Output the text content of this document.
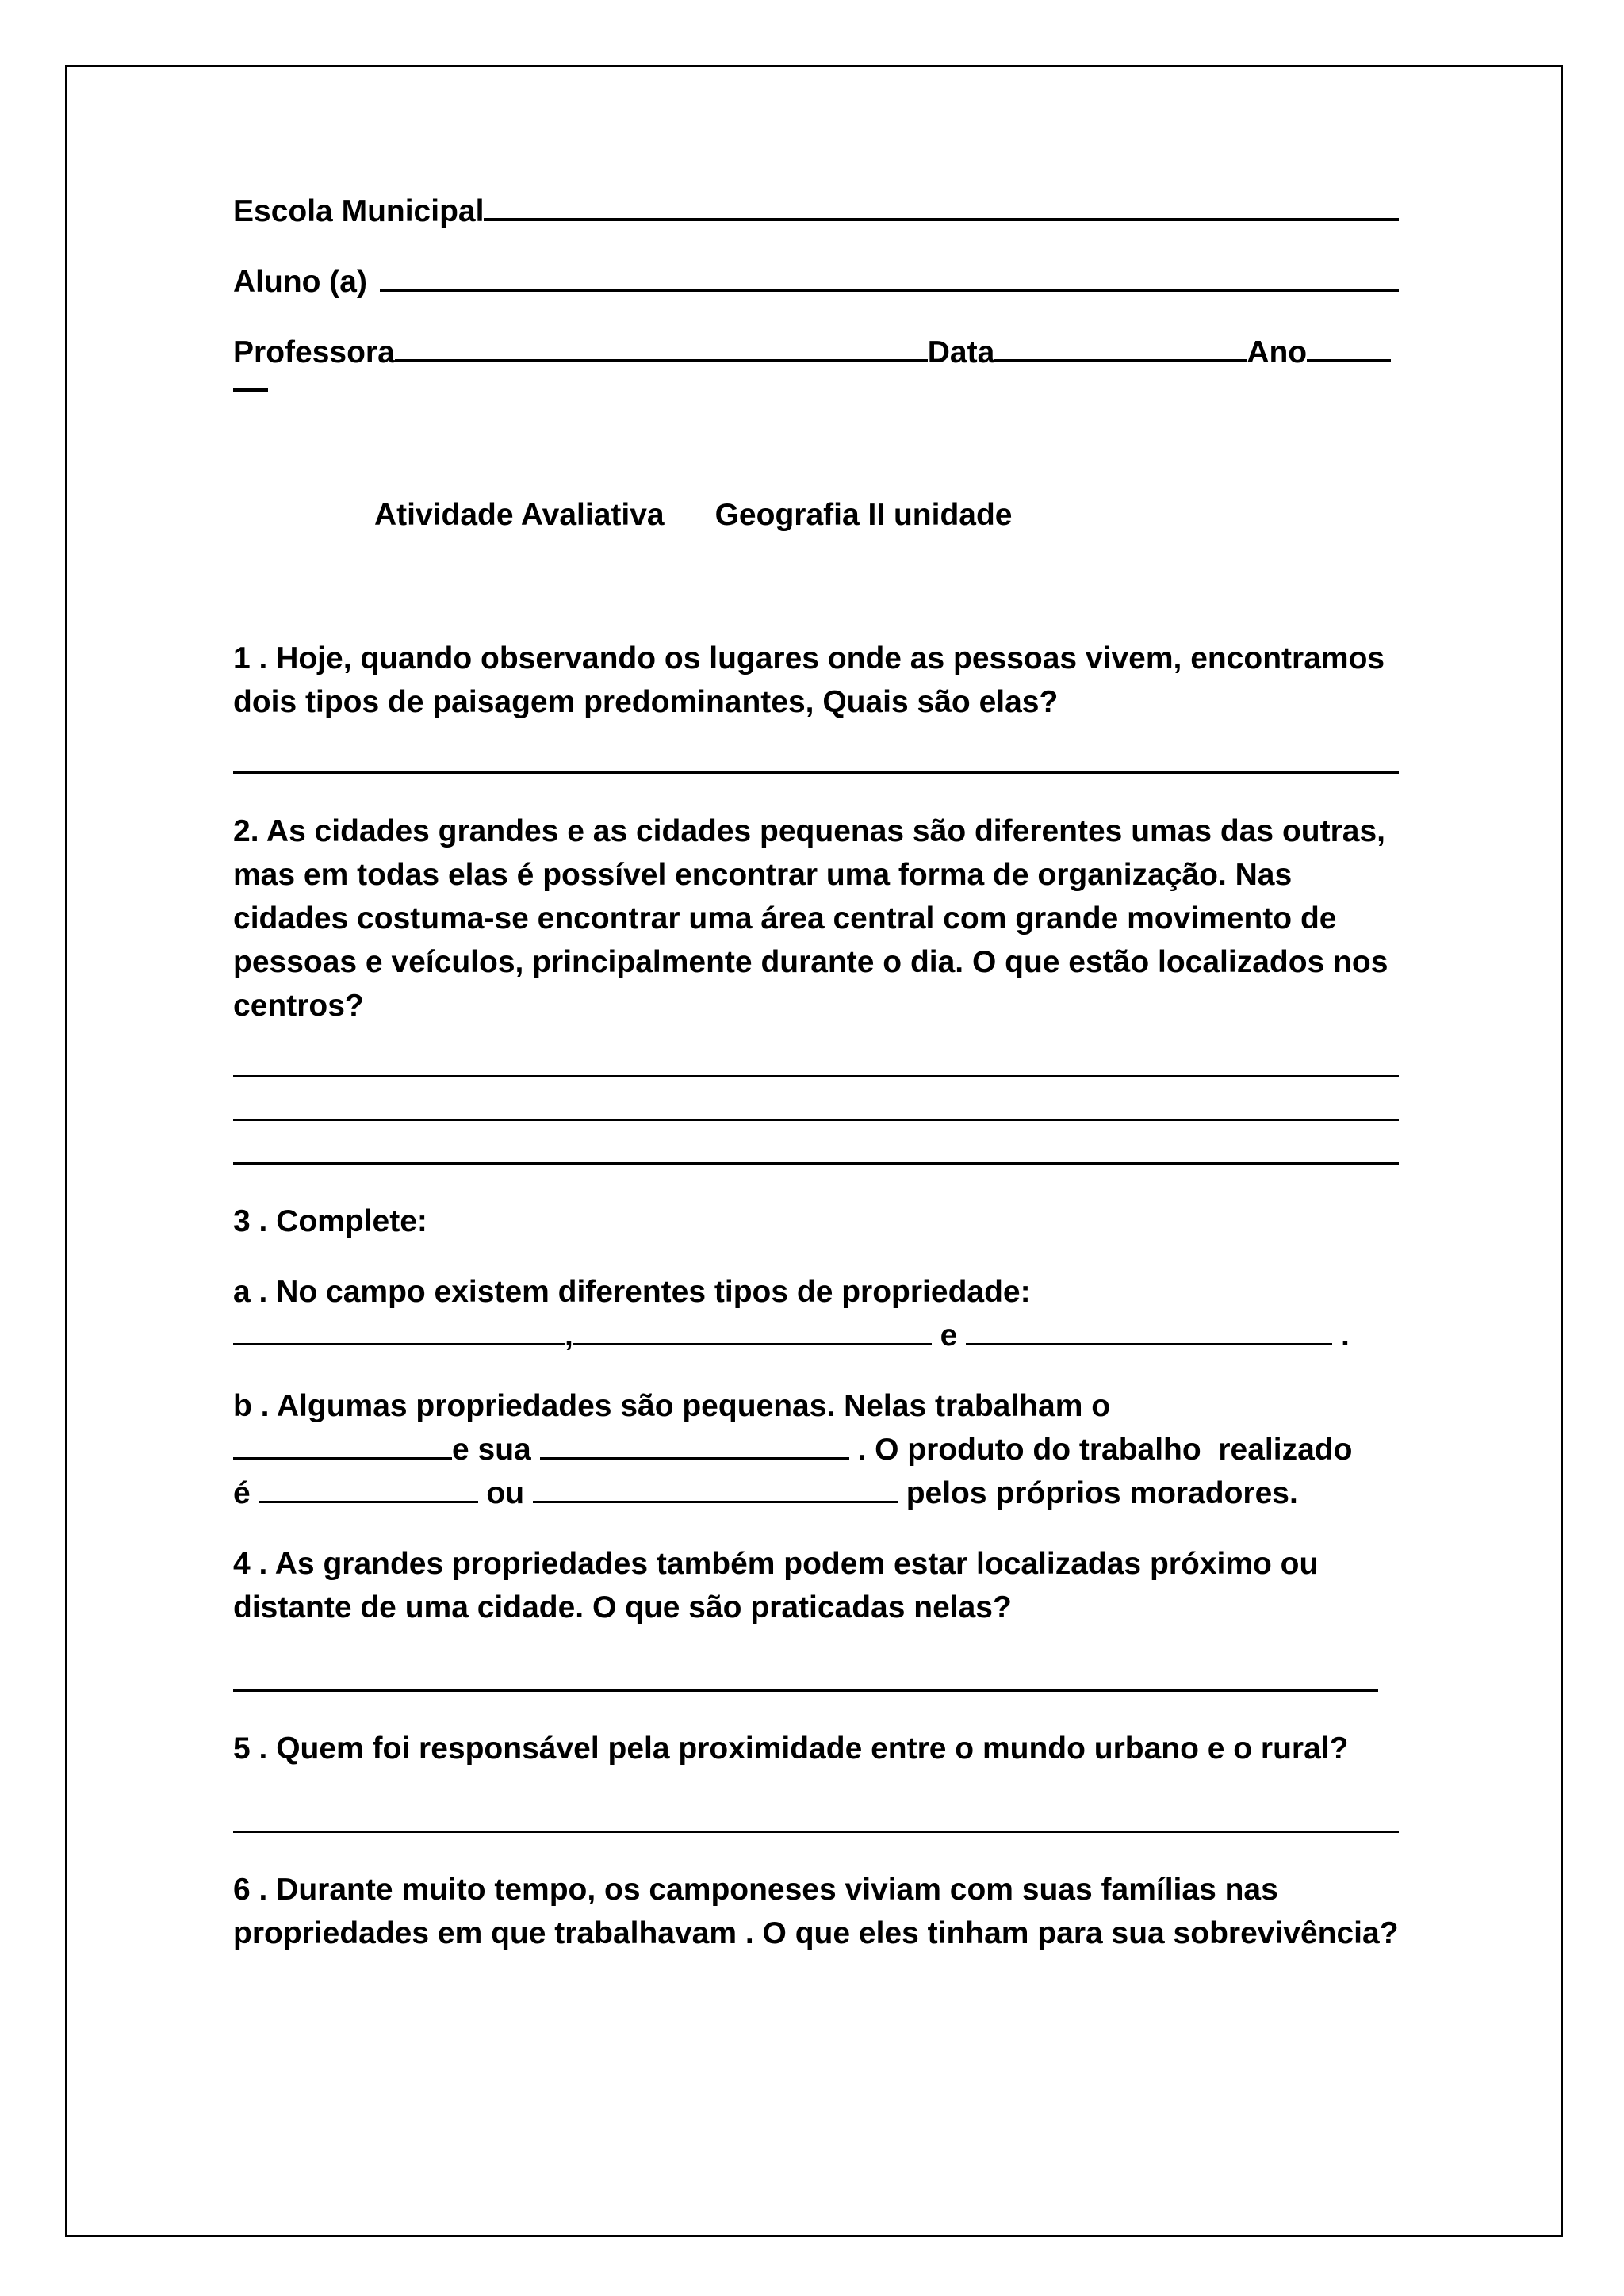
Escola Municipal
Aluno (a)
Professora	Data	Ano
Atividade Avaliativa Geografia II unidade

1 . Hoje, quando observando os lugares onde as pessoas vivem, encontramos dois tipos de paisagem predominantes, Quais são elas?

2. As cidades grandes e as cidades pequenas são diferentes umas das outras, mas em todas elas é possível encontrar uma forma de organização. Nas cidades costuma-se encontrar uma área central com grande movimento de pessoas e veículos, principalmente durante o dia. O que estão localizados nos centros?

3 . Complete:

a . No campo existem diferentes tipos de propriedade:

,	e	.

b . Algumas propriedades são pequenas. Nelas trabalham o

e sua	. O produto do trabalho  realizado
é	ou	pelos próprios moradores.

4 . As grandes propriedades também podem estar localizadas próximo ou distante de uma cidade. O que são praticadas nelas?

5 . Quem foi responsável pela proximidade entre o mundo urbano e o rural?

6 . Durante muito tempo, os camponeses viviam com suas famílias nas propriedades em que trabalhavam . O que eles tinham para sua sobrevivência?
